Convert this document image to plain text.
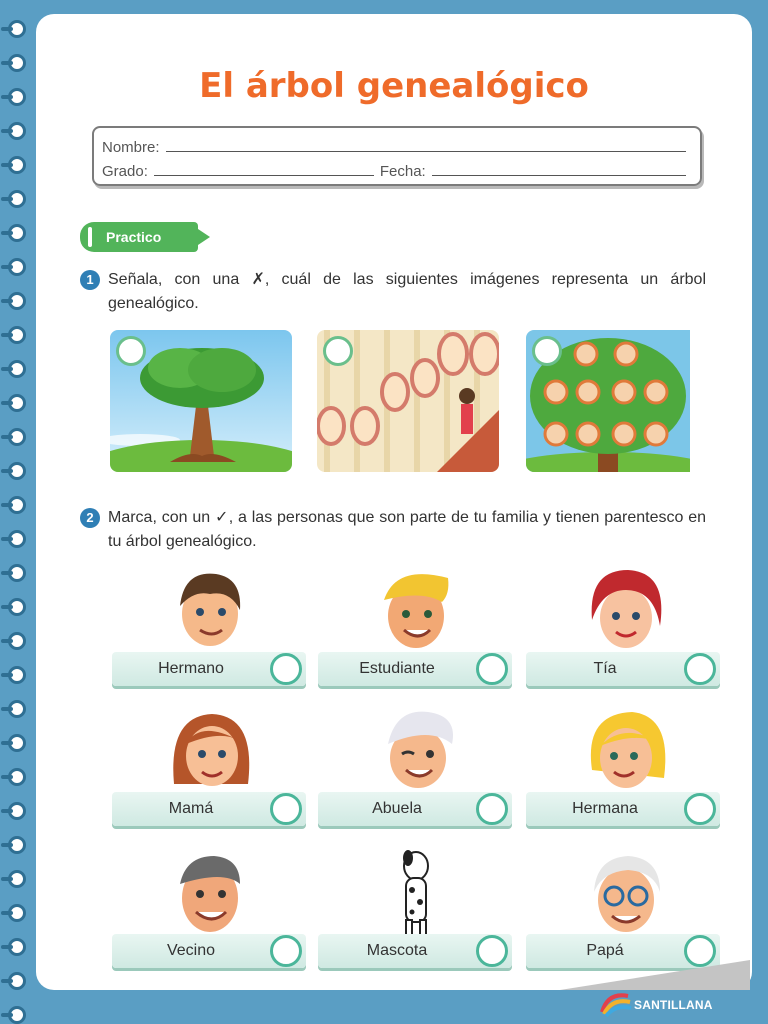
El árbol genealógico
Nombre:
Grado:	Fecha:
Practico
1 Señala, con una ✗, cuál de las siguientes imágenes representa un árbol genealógico.
2 Marca, con un ✓, a las personas que son parte de tu familia y tienen parentesco en tu árbol genealógico.
Hermano	Estudiante	Tía
Mamá	Abuela	Hermana
Vecino	Mascota	Papá
SANTILLANA
